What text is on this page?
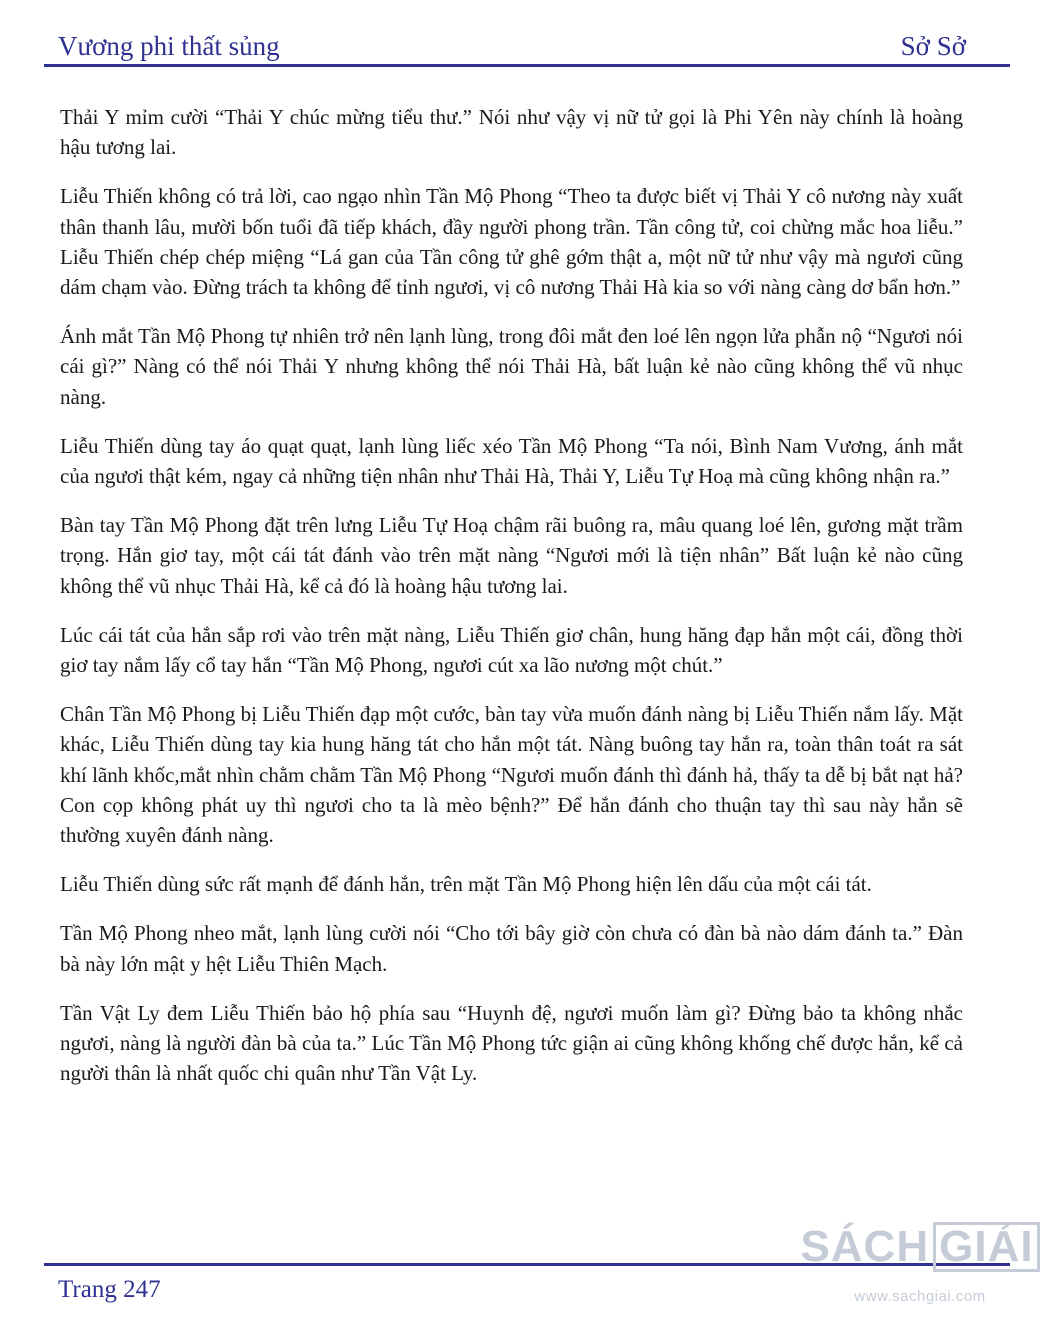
Vương phi thất sủng	Sở Sở

Thải Y mỉm cười “Thải Y chúc mừng tiểu thư.” Nói như vậy vị nữ tử gọi là Phi Yên này chính là hoàng hậu tương lai.

Liễu Thiến không có trả lời, cao ngạo nhìn Tần Mộ Phong “Theo ta được biết vị Thải Y cô nương này xuất thân thanh lâu, mười bốn tuổi đã tiếp khách, đầy người phong trần. Tần công tử, coi chừng mắc hoa liễu.” Liễu Thiến chép chép miệng “Lá gan của Tần công tử ghê gớm thật a, một nữ tử như vậy mà ngươi cũng dám chạm vào. Đừng trách ta không để tỉnh ngươi, vị cô nương Thải Hà kia so với nàng càng dơ bẩn hơn.”

Ánh mắt Tần Mộ Phong tự nhiên trở nên lạnh lùng, trong đôi mắt đen loé lên ngọn lửa phẫn nộ “Ngươi nói cái gì?” Nàng có thể nói Thải Y nhưng không thể nói Thải Hà, bất luận kẻ nào cũng không thể vũ nhục nàng.

Liễu Thiến dùng tay áo quạt quạt, lạnh lùng liếc xéo Tần Mộ Phong “Ta nói, Bình Nam Vương, ánh mắt của ngươi thật kém, ngay cả những tiện nhân như Thải Hà, Thải Y, Liễu Tự Hoạ mà cũng không nhận ra.”

Bàn tay Tần Mộ Phong đặt trên lưng Liễu Tự Hoạ chậm rãi buông ra, mâu quang loé lên, gương mặt trầm trọng. Hắn giơ tay, một cái tát đánh vào trên mặt nàng “Ngươi mới là tiện nhân” Bất luận kẻ nào cũng không thể vũ nhục Thải Hà, kể cả đó là hoàng hậu tương lai.

Lúc cái tát của hắn sắp rơi vào trên mặt nàng, Liễu Thiến giơ chân, hung hăng đạp hắn một cái, đồng thời giơ tay nắm lấy cổ tay hắn “Tần Mộ Phong, ngươi cút xa lão nương một chút.”

Chân Tần Mộ Phong bị Liễu Thiến đạp một cước, bàn tay vừa muốn đánh nàng bị Liễu Thiến nắm lấy. Mặt khác, Liễu Thiến dùng tay kia hung hăng tát cho hắn một tát. Nàng buông tay hắn ra, toàn thân toát ra sát khí lãnh khốc,mắt nhìn chằm chằm Tần Mộ Phong “Ngươi muốn đánh thì đánh hả, thấy ta dễ bị bắt nạt hả? Con cọp không phát uy thì ngươi cho ta là mèo bệnh?” Để hắn đánh cho thuận tay thì sau này hắn sẽ thường xuyên đánh nàng.

Liễu Thiến dùng sức rất mạnh để đánh hắn, trên mặt Tần Mộ Phong hiện lên dấu của một cái tát.

Tần Mộ Phong nheo mắt, lạnh lùng cười nói “Cho tới bây giờ còn chưa có đàn bà nào dám đánh ta.” Đàn bà này lớn mật y hệt Liễu Thiên Mạch.

Tần Vật Ly đem Liễu Thiến bảo hộ phía sau “Huynh đệ, ngươi muốn làm gì? Đừng bảo ta không nhắc ngươi, nàng là người đàn bà của ta.” Lúc Tần Mộ Phong tức giận ai cũng không khống chế được hắn, kể cả người thân là nhất quốc chi quân như Tần Vật Ly.

Trang 247
SÁCH GIẢI
www.sachgiai.com
